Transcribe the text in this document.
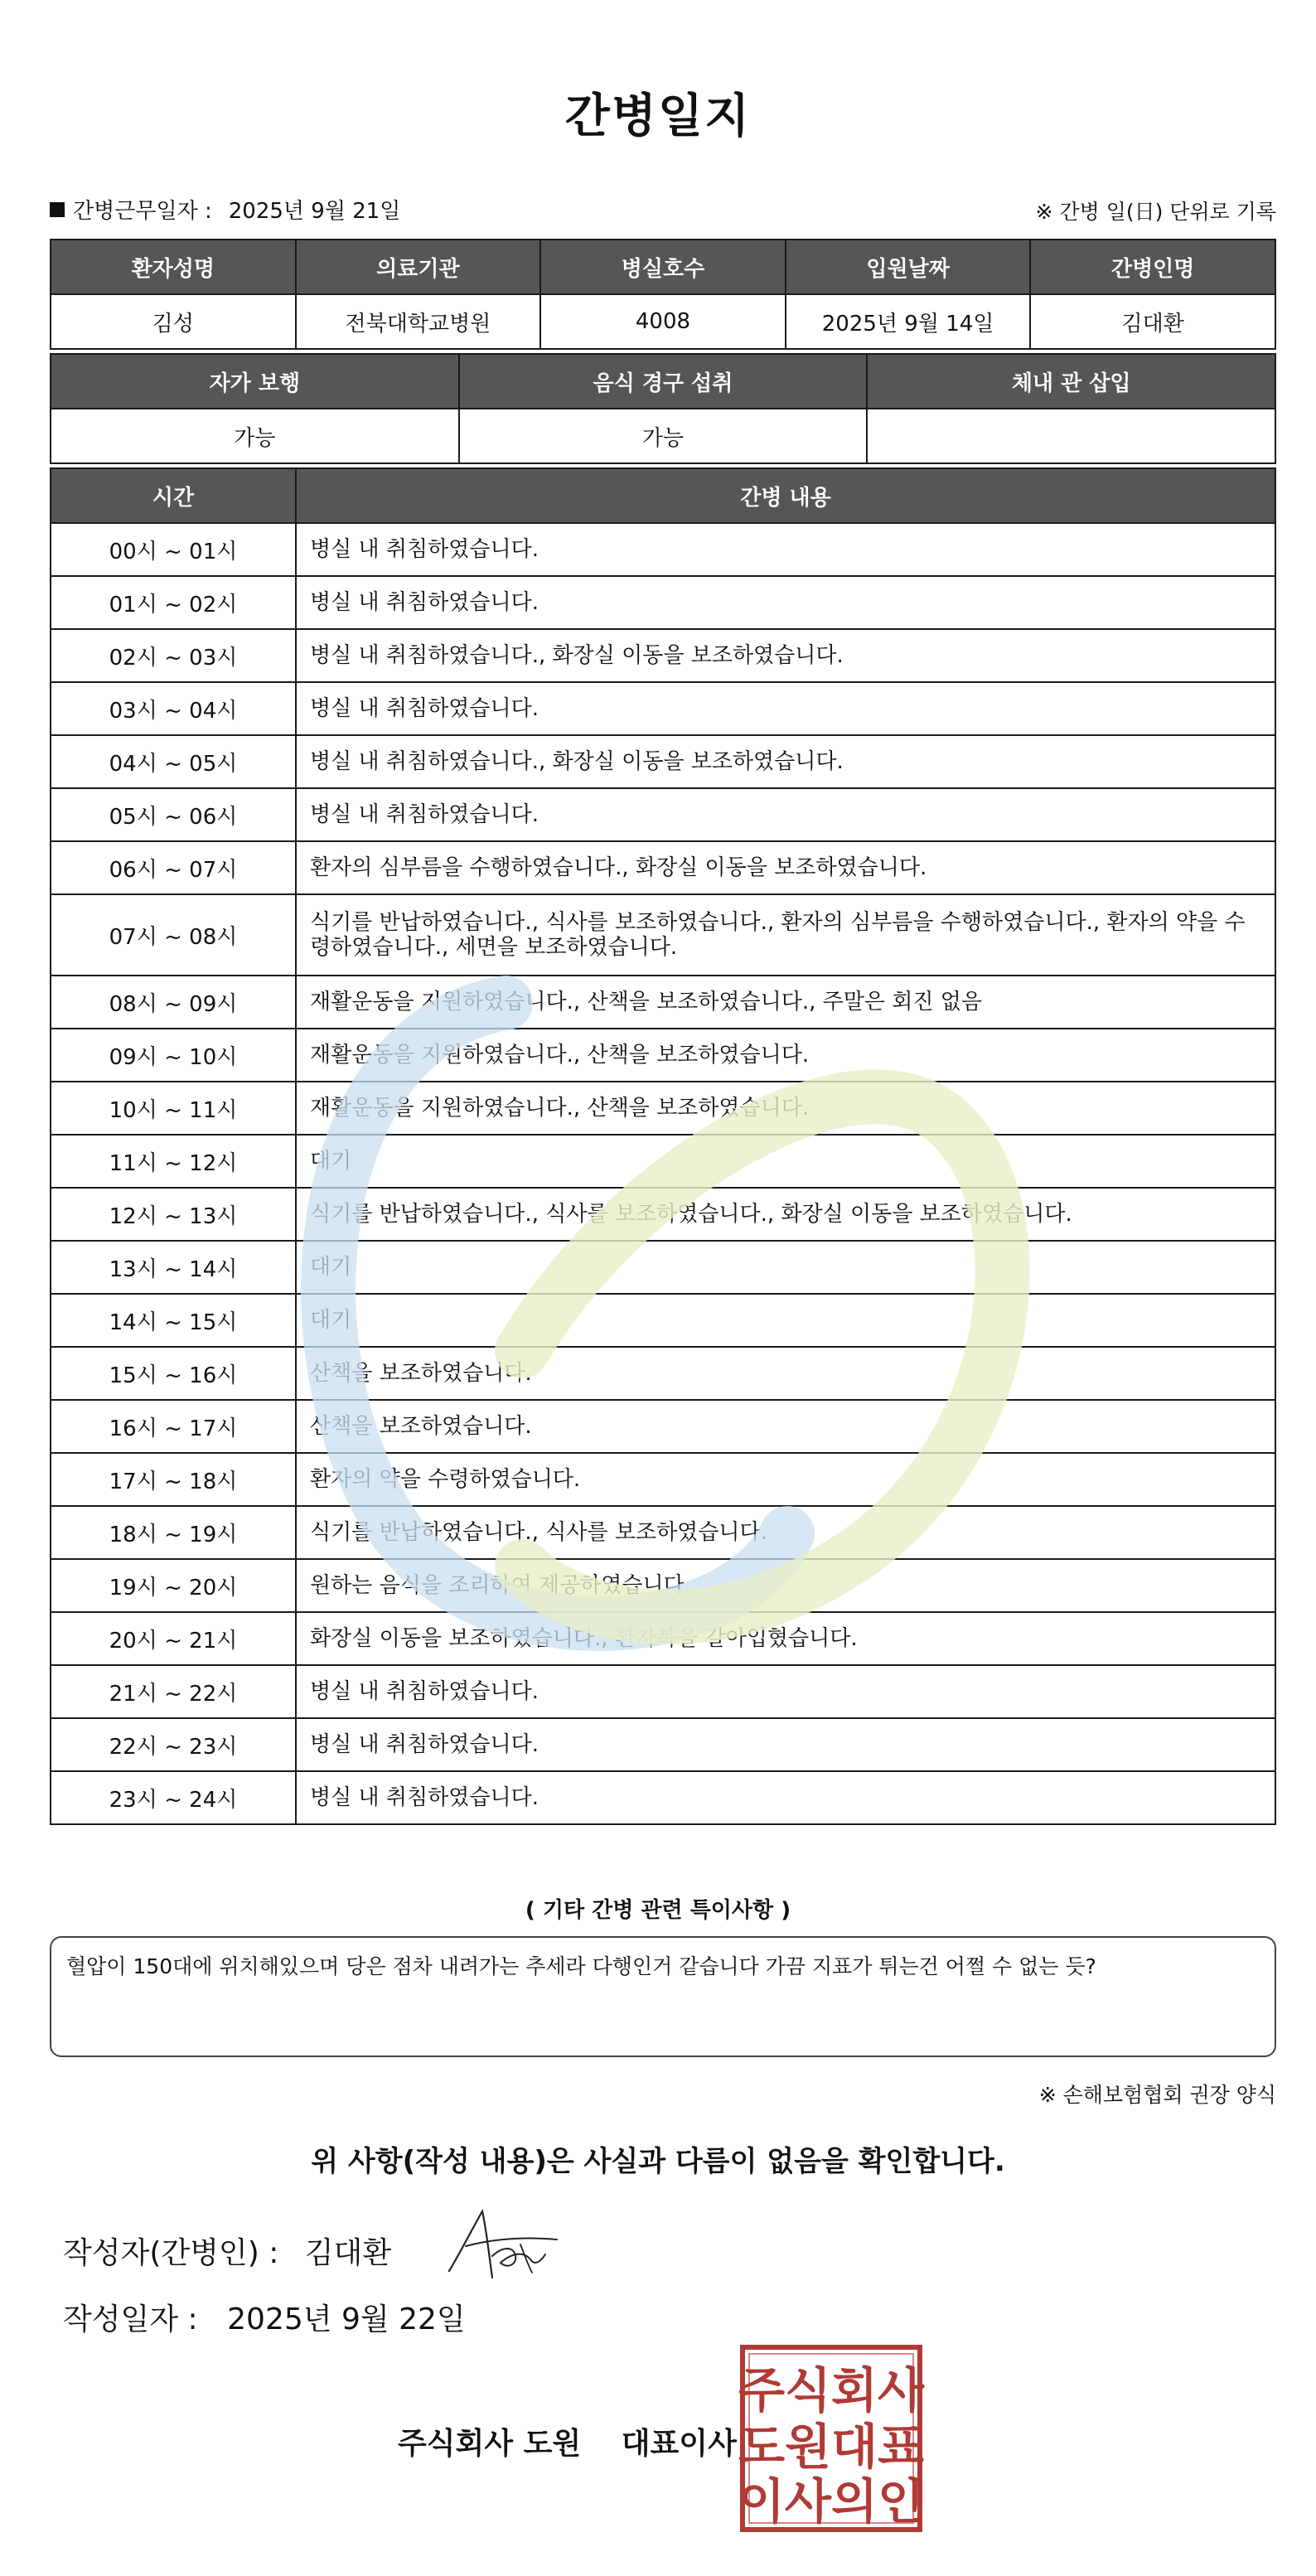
간병일지
간병근무일자 : 2025년 9월 21일	※ 간병 일(日) 단위로 기록
환자성명	의료기관	병실호수	입원날짜	간병인명
김성	전북대학교병원	4008	2025년 9월 14일	김대환
자가 보행	음식 경구 섭취	체내 관 삽입
가능	가능	
시간	간병 내용
00시 ~ 01시	병실 내 취침하였습니다.
01시 ~ 02시	병실 내 취침하였습니다.
02시 ~ 03시	병실 내 취침하였습니다., 화장실 이동을 보조하였습니다.
03시 ~ 04시	병실 내 취침하였습니다.
04시 ~ 05시	병실 내 취침하였습니다., 화장실 이동을 보조하였습니다.
05시 ~ 06시	병실 내 취침하였습니다.
06시 ~ 07시	환자의 심부름을 수행하였습니다., 화장실 이동을 보조하였습니다.
07시 ~ 08시	식기를 반납하였습니다., 식사를 보조하였습니다., 환자의 심부름을 수행하였습니다., 환자의 약을 수령하였습니다., 세면을 보조하였습니다.
08시 ~ 09시	재활운동을 지원하였습니다., 산책을 보조하였습니다., 주말은 회진 없음
09시 ~ 10시	재활운동을 지원하였습니다., 산책을 보조하였습니다.
10시 ~ 11시	재활운동을 지원하였습니다., 산책을 보조하였습니다.
11시 ~ 12시	대기
12시 ~ 13시	식기를 반납하였습니다., 식사를 보조하였습니다., 화장실 이동을 보조하였습니다.
13시 ~ 14시	대기
14시 ~ 15시	대기
15시 ~ 16시	산책을 보조하였습니다.
16시 ~ 17시	산책을 보조하였습니다.
17시 ~ 18시	환자의 약을 수령하였습니다.
18시 ~ 19시	식기를 반납하였습니다., 식사를 보조하였습니다.
19시 ~ 20시	원하는 음식을 조리하여 제공하였습니다.
20시 ~ 21시	화장실 이동을 보조하였습니다., 환자복을 갈아입혔습니다.
21시 ~ 22시	병실 내 취침하였습니다.
22시 ~ 23시	병실 내 취침하였습니다.
23시 ~ 24시	병실 내 취침하였습니다.
( 기타 간병 관련 특이사항 )
혈압이 150대에 위치해있으며 당은 점차 내려가는 추세라 다행인거 같습니다 가끔 지표가 튀는건 어쩔 수 없는 듯?
※ 손해보험협회 권장 양식
위 사항(작성 내용)은 사실과 다름이 없음을 확인합니다.
작성자(간병인) : 김대환
작성일자 : 2025년 9월 22일
주식회사 도원 대표이사
주식회사
도원대표
이사의인
